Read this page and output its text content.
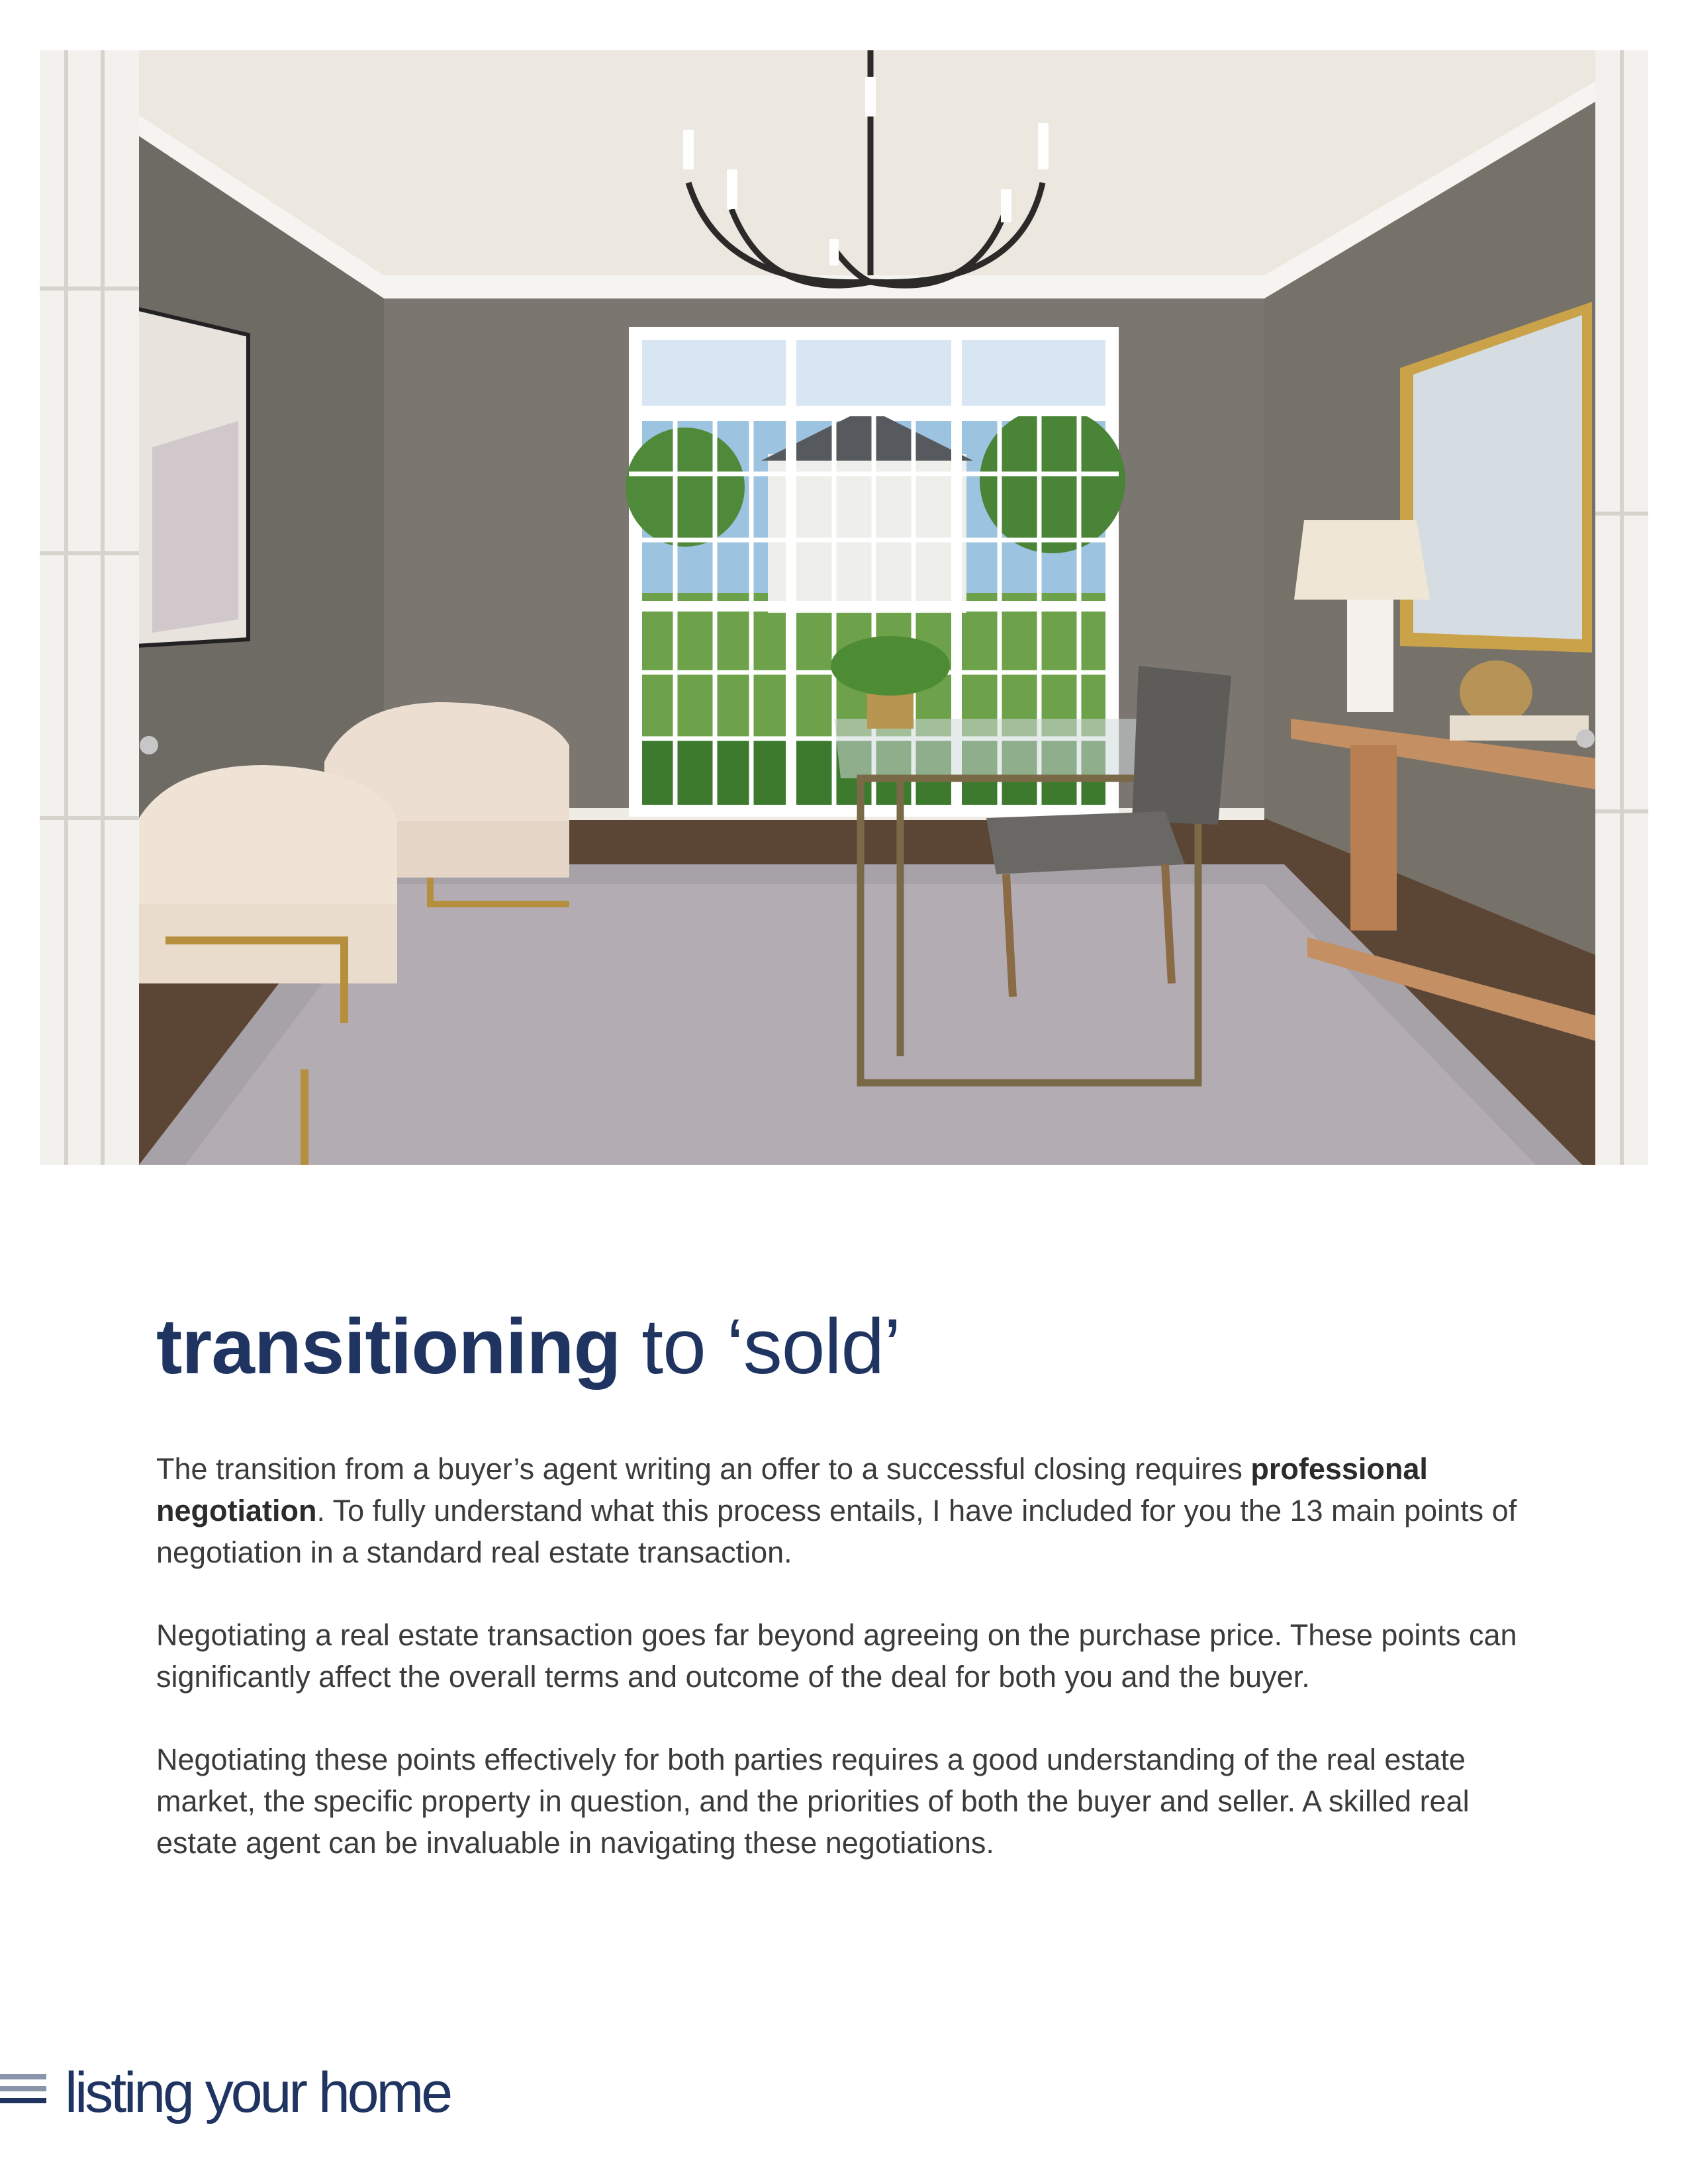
transitioning to ‘sold’

The transition from a buyer’s agent writing an offer to a successful closing requires professional negotiation. To fully understand what this process entails, I have included for you the 13 main points of negotiation in a standard real estate transaction.

Negotiating a real estate transaction goes far beyond agreeing on the purchase price. These points can significantly affect the overall terms and outcome of the deal for both you and the buyer.

Negotiating these points effectively for both parties requires a good understanding of the real estate market, the specific property in question, and the priorities of both the buyer and seller. A skilled real estate agent can be invaluable in navigating these negotiations.

listing your home
